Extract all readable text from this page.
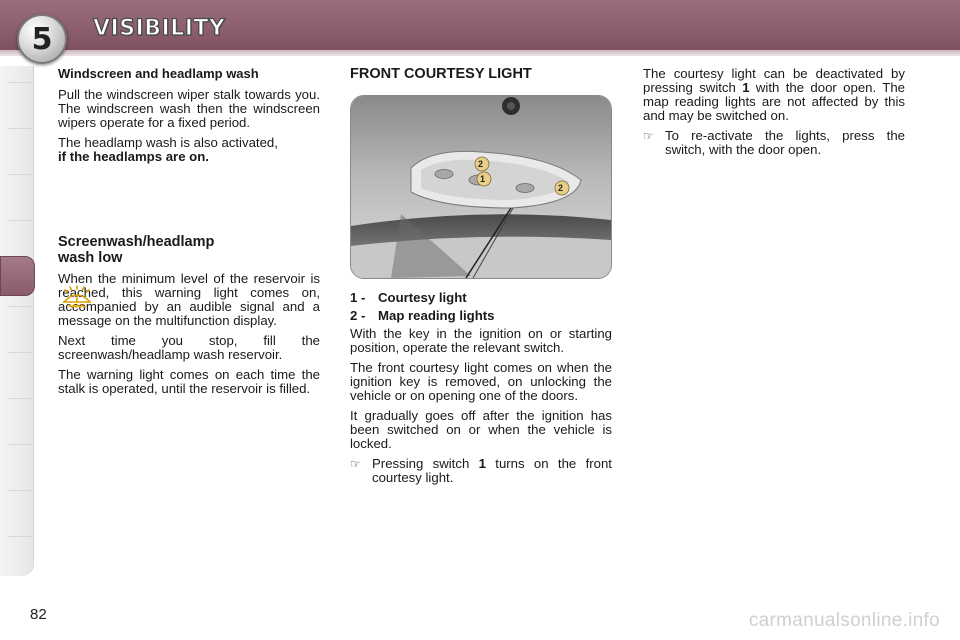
5	VISIBILITY
Windscreen and headlamp wash

Pull the windscreen wiper stalk towards you. The windscreen wash then the windscreen wipers operate for a fixed period.

The headlamp wash is also activated,
if the headlamps are on.

Screenwash/headlamp
wash low

When the minimum level of the reservoir is reached, this warning light comes on, accompanied by an audible signal and a message on the multifunction display.

Next time you stop, fill the screenwash/headlamp wash reservoir.

The warning light comes on each time the stalk is operated, until the reservoir is filled.

FRONT COURTESY LIGHT
2
1
2
1 - Courtesy light
2 - Map reading lights

With the key in the ignition on or starting position, operate the relevant switch.

The front courtesy light comes on when the ignition key is removed, on unlocking the vehicle or on opening one of the doors.

It gradually goes off after the ignition has been switched on or when the vehicle is locked.

☞ Pressing switch 1 turns on the front courtesy light.

The courtesy light can be deactivated by pressing switch 1 with the door open. The map reading lights are not affected by this and may be switched on.

☞ To re-activate the lights, press the switch, with the door open.
82	carmanualsonline.info
